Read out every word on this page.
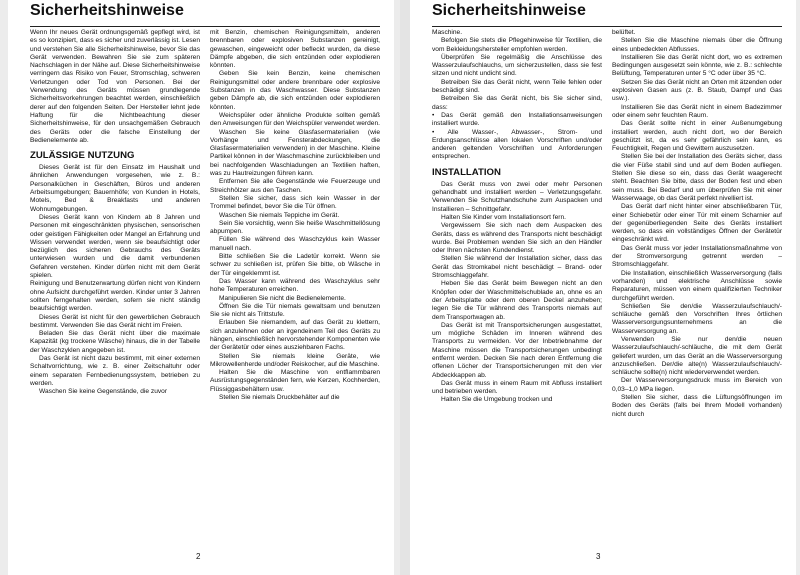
Sicherheitshinweise

Wenn Ihr neues Gerät ordnungsgemäß gepflegt wird, ist es so konzipiert, dass es sicher und zuverlässig ist. Lesen und verstehen Sie alle Sicherheitshinweise, bevor Sie das Gerät verwenden. Bewahren Sie sie zum späteren Nachschlagen in der Nähe auf. Diese Sicherheitshinweise verringern das Risiko von Feuer, Stromschlag, schweren Verletzungen oder Tod von Personen. Bei der Verwendung des Geräts müssen grundlegende Sicherheitsvorkehrungen beachtet werden, einschließlich derer auf den folgenden Seiten. Der Hersteller lehnt jede Haftung für die Nichtbeachtung dieser Sicherheitshinweise, für den unsachgemäßen Gebrauch des Geräts oder die falsche Einstellung der Bedienelemente ab.

ZULÄSSIGE NUTZUNG

Dieses Gerät ist für den Einsatz im Haushalt und ähnlichen Anwendungen vorgesehen, wie z. B.: Personalküchen in Geschäften, Büros und anderen Arbeitsumgebungen; Bauernhöfe; von Kunden in Hotels, Motels, Bed & Breakfasts und anderen Wohnumgebungen.

Dieses Gerät kann von Kindern ab 8 Jahren und Personen mit eingeschränkten physischen, sensorischen oder geistigen Fähigkeiten oder Mangel an Erfahrung und Wissen verwendet werden, wenn sie beaufsichtigt oder bezüglich des sicheren Gebrauchs des Geräts unterwiesen wurden und die damit verbundenen Gefahren verstehen. Kinder dürfen nicht mit dem Gerät spielen.

Reinigung und Benutzerwartung dürfen nicht von Kindern ohne Aufsicht durchgeführt werden. Kinder unter 3 Jahren sollten ferngehalten werden, sofern sie nicht ständig beaufsichtigt werden.

Dieses Gerät ist nicht für den gewerblichen Gebrauch bestimmt. Verwenden Sie das Gerät nicht im Freien.

Beladen Sie das Gerät nicht über die maximale Kapazität (kg trockene Wäsche) hinaus, die in der Tabelle der Waschzyklen angegeben ist.

Das Gerät ist nicht dazu bestimmt, mit einer externen Schaltvorrichtung, wie z. B. einer Zeitschaltuhr oder einem separaten Fernbedienungssystem, betrieben zu werden.

Waschen Sie keine Gegenstände, die zuvor

mit Benzin, chemischen Reinigungsmitteln, anderen brennbaren oder explosiven Substanzen gereinigt, gewaschen, eingeweicht oder befleckt wurden, da diese Dämpfe abgeben, die sich entzünden oder explodieren könnten.

Geben Sie kein Benzin, keine chemischen Reinigungsmittel oder andere brennbare oder explosive Substanzen in das Waschwasser. Diese Substanzen geben Dämpfe ab, die sich entzünden oder explodieren könnten.

Weichspüler oder ähnliche Produkte sollten gemäß den Anweisungen für den Weichspüler verwendet werden.

Waschen Sie keine Glasfasermaterialien (wie Vorhänge und Fensterabdeckungen, die Glasfasermaterialien verwenden) in der Maschine. Kleine Partikel können in der Waschmaschine zurückbleiben und bei nachfolgenden Waschladungen an Textilien haften, was zu Hautreizungen führen kann.

Entfernen Sie alle Gegenstände wie Feuerzeuge und Streichhölzer aus den Taschen.

Stellen Sie sicher, dass sich kein Wasser in der Trommel befindet, bevor Sie die Tür öffnen.

Waschen Sie niemals Teppiche im Gerät.

Sein Sie vorsichtig, wenn Sie heiße Waschmittellösung abpumpen.

Füllen Sie während des Waschzyklus kein Wasser manuell nach.

Bitte schließen Sie die Ladetür korrekt. Wenn sie schwer zu schließen ist, prüfen Sie bitte, ob Wäsche in der Tür eingeklemmt ist.

Das Wasser kann während des Waschzyklus sehr hohe Temperaturen erreichen.

Manipulieren Sie nicht die Bedienelemente.

Öffnen Sie die Tür niemals gewaltsam und benutzen Sie sie nicht als Trittstufe.

Erlauben Sie niemandem, auf das Gerät zu klettern, sich anzulehnen oder an irgendeinem Teil des Geräts zu hängen, einschließlich hervorstehender Komponenten wie der Gerätetür oder eines ausziehbaren Fachs.

Stellen Sie niemals kleine Geräte, wie Mikrowellenherde und/oder Reiskocher, auf die Maschine.

Halten Sie die Maschine von entflammbaren Ausrüstungsgegenständen fern, wie Kerzen, Kochherden, Flüssiggasbehältern usw.

Stellen Sie niemals Druckbehälter auf die

2
Sicherheitshinweise

Maschine.

Befolgen Sie stets die Pflegehinweise für Textilien, die vom Bekleidungshersteller empfohlen werden.

Überprüfen Sie regelmäßig die Anschlüsse des Wasserzulaufschlauchs, um sicherzustellen, dass sie fest sitzen und nicht undicht sind.

Betreiben Sie das Gerät nicht, wenn Teile fehlen oder beschädigt sind.

Betreiben Sie das Gerät nicht, bis Sie sicher sind, dass:

• Das Gerät gemäß den Installationsanweisungen installiert wurde.

• Alle Wasser-, Abwasser-, Strom- und Erdungsanschlüsse allen lokalen Vorschriften und/oder anderen geltenden Vorschriften und Anforderungen entsprechen.

INSTALLATION

Das Gerät muss von zwei oder mehr Personen gehandhabt und installiert werden – Verletzungsgefahr. Verwenden Sie Schutzhandschuhe zum Auspacken und Installieren – Schnittgefahr.

Halten Sie Kinder vom Installationsort fern.

Vergewissern Sie sich nach dem Auspacken des Geräts, dass es während des Transports nicht beschädigt wurde. Bei Problemen wenden Sie sich an den Händler oder Ihren nächsten Kundendienst.

Stellen Sie während der Installation sicher, dass das Gerät das Stromkabel nicht beschädigt – Brand- oder Stromschlaggefahr.

Heben Sie das Gerät beim Bewegen nicht an den Knöpfen oder der Waschmittelschublade an, ohne es an der Arbeitsplatte oder dem oberen Deckel anzuheben; legen Sie die Tür während des Transports niemals auf dem Transportwagen ab.

Das Gerät ist mit Transportsicherungen ausgestattet, um mögliche Schäden im Inneren während des Transports zu vermeiden. Vor der Inbetriebnahme der Maschine müssen die Transportsicherungen unbedingt entfernt werden. Decken Sie nach deren Entfernung die offenen Löcher der Transportsicherungen mit den vier Abdeckkappen ab.

Das Gerät muss in einem Raum mit Abfluss installiert und betrieben werden.

Halten Sie die Umgebung trocken und

belüftet.

Stellen Sie die Maschine niemals über die Öffnung eines unbedeckten Abflusses.

Installieren Sie das Gerät nicht dort, wo es extremen Bedingungen ausgesetzt sein könnte, wie z. B.: schlechte Belüftung, Temperaturen unter 5 °C oder über 35 °C.

Setzen Sie das Gerät nicht an Orten mit ätzenden oder explosiven Gasen aus (z. B. Staub, Dampf und Gas usw.).

Installieren Sie das Gerät nicht in einem Badezimmer oder einem sehr feuchten Raum.

Das Gerät sollte nicht in einer Außenumgebung installiert werden, auch nicht dort, wo der Bereich geschützt ist, da es sehr gefährlich sein kann, es Feuchtigkeit, Regen und Gewittern auszusetzen.

Stellen Sie bei der Installation des Geräts sicher, dass die vier Füße stabil sind und auf dem Boden aufliegen. Stellen Sie diese so ein, dass das Gerät waagerecht steht. Beachten Sie bitte, dass der Boden fest und eben sein muss. Bei Bedarf und um überprüfen Sie mit einer Wasserwaage, ob das Gerät perfekt nivelliert ist.

Das Gerät darf nicht hinter einer abschließbaren Tür, einer Schiebetür oder einer Tür mit einem Scharnier auf der gegenüberliegenden Seite des Geräts installiert werden, so dass ein vollständiges Öffnen der Gerätetür eingeschränkt wird.

Das Gerät muss vor jeder Installationsmaßnahme von der Stromversorgung getrennt werden – Stromschlaggefahr.

Die Installation, einschließlich Wasserversorgung (falls vorhanden) und elektrische Anschlüsse sowie Reparaturen, müssen von einem qualifizierten Techniker durchgeführt werden.

Schließen Sie den/die Wasserzulaufschlauch/-schläuche gemäß den Vorschriften Ihres örtlichen Wasserversorgungsunternehmens an die Wasserversorgung an.

Verwenden Sie nur den/die neuen Wasserzulaufschlauch/-schläuche, die mit dem Gerät geliefert wurden, um das Gerät an die Wasserversorgung anzuschließen. Der/die alte(n) Wasserzulaufschlauch/-schläuche sollte(n) nicht wiederverwendet werden.

Der Wasserversorgungsdruck muss im Bereich von 0,03–1,0 MPa liegen.

Stellen Sie sicher, dass die Lüftungsöffnungen im Boden des Geräts (falls bei Ihrem Modell vorhanden) nicht durch

3
